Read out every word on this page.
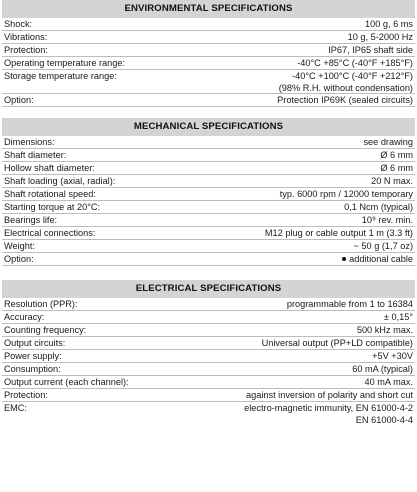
ENVIRONMENTAL SPECIFICATIONS
Shock:	100 g, 6 ms
Vibrations:	10 g, 5-2000 Hz
Protection:	IP67, IP65 shaft side
Operating temperature range:	-40°C +85°C (-40°F +185°F)
Storage temperature range:	-40°C +100°C (-40°F +212°F)
(98% R.H. without condensation)
Option:	Protection IP69K (sealed circuits)
MECHANICAL SPECIFICATIONS
Dimensions:	see drawing
Shaft diameter:	Ø 6 mm
Hollow shaft diameter:	Ø 6 mm
Shaft loading (axial, radial):	20 N max.
Shaft rotational speed:	typ. 6000 rpm / 12000 temporary
Starting torque at 20°C:	0,1 Ncm (typical)
Bearings life:	10⁹ rev. min.
Electrical connections:	M12 plug or cable output 1 m (3.3 ft)
Weight:	~ 50 g (1,7 oz)
Option:	additional cable
ELECTRICAL SPECIFICATIONS
Resolution (PPR):	programmable from 1 to 16384
Accuracy:	± 0,15°
Counting frequency:	500 kHz max.
Output circuits:	Universal output (PP+LD compatible)
Power supply:	+5V +30V
Consumption:	60 mA (typical)
Output current (each channel):	40 mA max.
Protection:	against inversion of polarity and short cut
EMC:	electro-magnetic immunity, EN 61000-4-2
EN 61000-4-4
